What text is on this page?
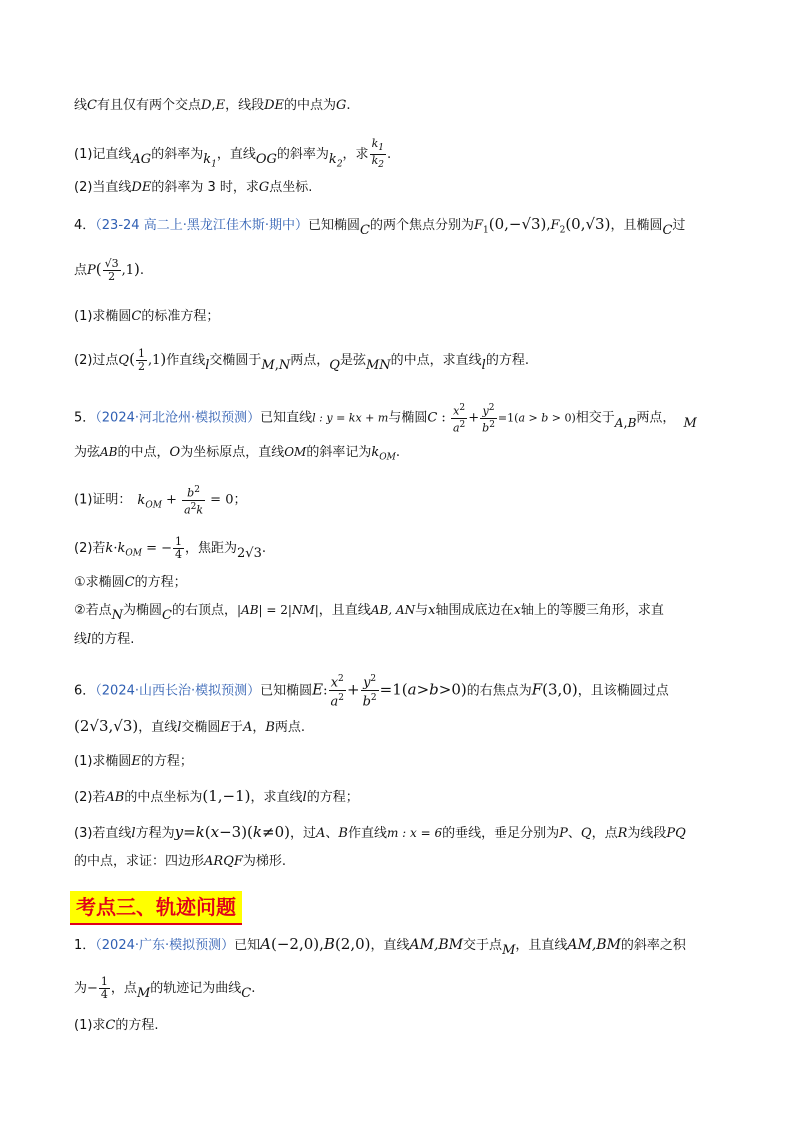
线C有且仅有两个交点D,E，线段DE的中点为G.
(1)记直线AG的斜率为$k_1$，直线OG的斜率为$k_2$，求 $\frac{k_1}{k_2}$ .
(2)当直线DE的斜率为 3 时，求G点坐标.
4．（23-24 高二上·黑龙江佳木斯·期中）已知椭圆C的两个焦点分别为$F_1(0,-√3),F_2(0,√3)$，且椭圆C过
点$P( \frac{√3}{2} ,1)$.
(1)求椭圆C的标准方程；
(2)过点$Q( \frac{1}{2} ,1)$作直线l交椭圆于M,N两点，Q是弦MN的中点，求直线l的方程.
5．（2024·河北沧州·模拟预测）已知直线l : y = kx + m与椭圆C : $\frac{x^2}{a^2} + \frac{y^2}{b^2} =1(a > b > 0)$相交于A,B两点， M
为弦AB的中点，O为坐标原点，直线OM的斜率记为$k_{OM}$.
(1)证明： $k_{OM} + \frac{b^2}{a^2k} = 0$；
(2)若$k\cdot k_{OM}$ = − $\frac{1}{4}$ ，焦距为2√3.
①求椭圆C的方程；
②若点N为椭圆C的右顶点，|AB| = 2|NM|，且直线AB, AN与x轴围成底边在x轴上的等腰三角形，求直
线l的方程.
6．（2024·山西长治·模拟预测）已知椭圆E: $\frac{x^2}{a^2} + \frac{y^2}{b^2} =1(a>b>0)$的右焦点为F(3,0)，且该椭圆过点
(2√3,√3)，直线l交椭圆E于A，B两点.
(1)求椭圆E的方程；
(2)若AB的中点坐标为(1,−1)，求直线l的方程；
(3)若直线l方程为y=k(x−3)(k≠0)，过A、B作直线m : x = 6的垂线，垂足分别为P、Q，点R为线段PQ
的中点，求证：四边形ARQF为梯形.
考点三、轨迹问题
1．（2024·广东·模拟预测）已知A(−2,0),B(2,0)，直线AM,BM交于点M，且直线AM,BM的斜率之积
为− $\frac{1}{4}$ ，点M的轨迹记为曲线C.
(1)求C的方程.
